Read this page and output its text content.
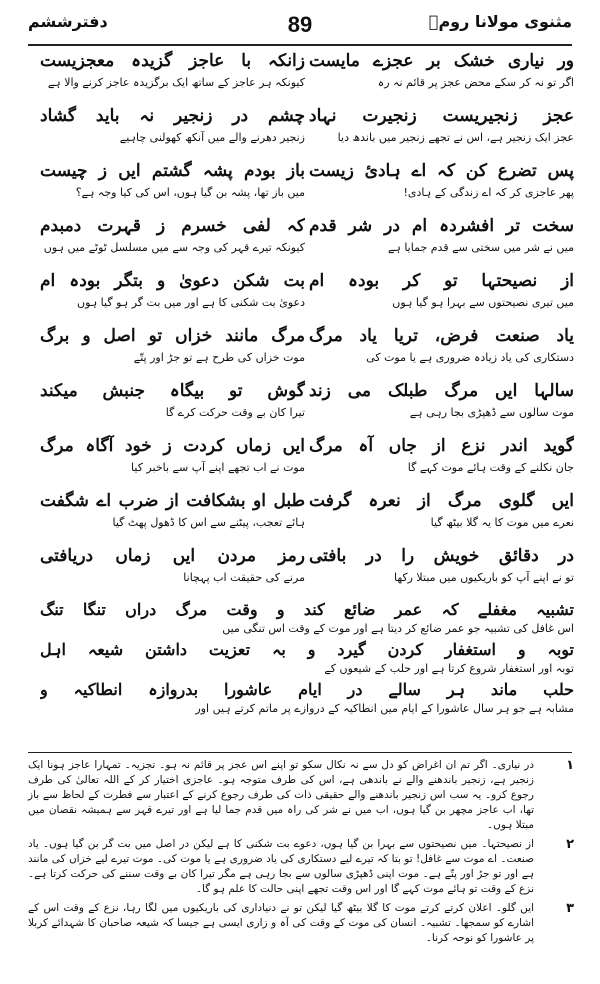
دفترششم	89	مثنوی مولانا رومؒ
ور نیاری خشک بر عجزے مایست
اگر تو نہ کر سکے محض عجز پر قائم نہ رہ
زانکہ با عاجز گزیدہ معجزیست
کیونکہ ہر عاجز کے ساتھ ایک برگزیدہ عاجز کرنے والا ہے
عجز زنجیریست زنجیرت نہاد
عجز ایک زنجیر ہے، اس نے تجھے زنجیر میں باندھ دیا
چشم در زنجیر نہ باید گشاد
زنجیر دھرنے والے میں آنکھ کھولنی چاہیے
پس تضرع کن کہ اے ہادیٔ زیست
پھر عاجزی کر کہ اے زندگی کے ہادی!
باز بودم پشہ گشتم ایں ز چیست
میں باز تھا، پشہ بن گیا ہوں، اس کی کیا وجہ ہے؟
سخت تر افشردہ ام در شر قدم
میں نے شر میں سختی سے قدم جمایا ہے
کہ لفی خسرم ز قہرت دمبدم
کیونکہ تیرے قہر کی وجہ سے میں مسلسل ٹوٹے میں ہوں
از نصیحتہا تو کر بودہ ام
میں تیری نصیحتوں سے بہرا ہو گیا ہوں
بت شکن دعویٰ و بتگر بودہ ام
دعویٰ بت شکنی کا ہے اور میں بت گر ہو گیا ہوں
یاد صنعت فرض، تریا یاد مرگ
دستکاری کی یاد زیادہ ضروری ہے یا موت کی
مرگ مانند خزاں تو اصل و برگ
موت خزاں کی طرح ہے تو جڑ اور پتّے
سالہا ایں مرگ طبلک می زند
موت سالوں سے ڈھپڑی بجا رہی ہے
گوش تو بیگاہ جنبش میکند
تیرا کان بے وقت حرکت کرے گا
گوید اندر نزع از جاں آہ مرگ
جان نکلنے کے وقت ہائے موت کہے گا
ایں زماں کردت ز خود آگاہ مرگ
موت نے اب تجھے اپنے آپ سے باخبر کیا
ایں گلوی مرگ از نعرہ گرفت
نعرے میں موت کا یہ گلا بیٹھ گیا
طبل او بشکافت از ضرب اے شگفت
ہائے تعجب، پیٹنے سے اس کا ڈھول پھٹ گیا
در دقائق خویش را در بافتی
تو نے اپنے آپ کو باریکیوں میں مبتلا رکھا
رمز مردن ایں زماں دریافتی
مرنے کی حقیقت اب پہچانا
تشبیہ مغفلے کہ عمر ضائع کند و وقت مرگ دراں تنگا تنگ
اس غافل کی تشبیہ جو عمر ضائع کر دیتا ہے اور موت کے وقت اس تنگی میں
توبہ و استغفار کردن گیرد و بہ تعزیت داشتن شیعہ اہل
توبہ اور استغفار شروع کرتا ہے اور حلب کے شیعوں کے
حلب ماند ہر سالے در ایام عاشورا بدروازہ انطاکیہ و
مشابہ ہے جو ہر سال عاشورا کے ایام میں انطاکیہ کے دروازے پر ماتم کرتے ہیں اور
۱
در نیاری۔ اگر تم ان اغراض کو دل سے نہ نکال سکو تو اپنے اس عجز پر قائم نہ ہو۔ تجزیہ۔ تمہارا عاجز ہونا ایک زنجیر ہے، زنجیر باندھنے والے نے باندھی ہے، اس کی طرف متوجہ ہو۔ عاجزی اختیار کر کے اللہ تعالیٰ کی طرف رجوع کرو۔ یہ سب اس زنجیر باندھنے والے حقیقی ذات کی طرف رجوع کرنے کے اعتبار سے فطرت کے لحاظ سے باز تھا، اب عاجز مچھر بن گیا ہوں، اب میں نے شر کی راہ میں قدم جما لیا ہے اور تیرے قہر سے ہمیشہ نقصان میں مبتلا ہوں۔
۲
از نصیحتہا۔ میں نصیحتوں سے بہرا بن گیا ہوں، دعوے بت شکنی کا ہے لیکن در اصل میں بت گر بن گیا ہوں۔ یاد صنعت۔ اے موت سے غافل! تو بتا کہ تیرے لیے دستکاری کی یاد ضروری ہے یا موت کی۔ موت تیرے لیے خزاں کی مانند ہے اور تو جڑ اور پتّے ہے۔ موت اپنی ڈھپڑی سالوں سے بجا رہی ہے مگر تیرا کان بے وقت سننے کی حرکت کرتا ہے۔ نزع کے وقت تو ہائے موت کہے گا اور اس وقت تجھے اپنی حالت کا علم ہو گا۔
۳
ایں گلو۔ اعلان کرتے کرتے موت کا گلا بیٹھ گیا لیکن تو نے دنیاداری کی باریکیوں میں لگا رہا، نزع کے وقت اس کے اشارے کو سمجھا۔ تشبیہ۔ انسان کی موت کے وقت کی آہ و زاری ایسی ہے جیسا کہ شیعہ صاحبان کا شہدائے کربلا پر عاشورا کو نوحہ کرنا۔
